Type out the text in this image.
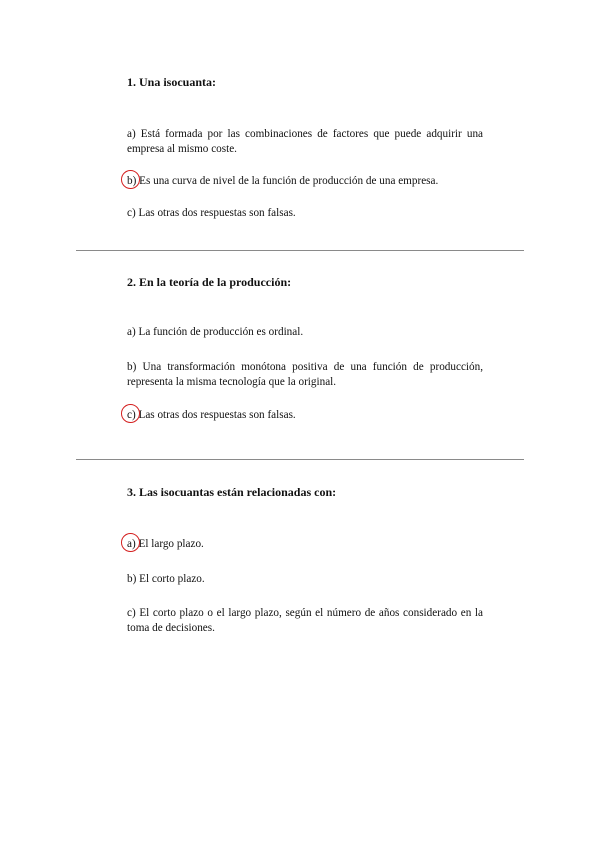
1. Una isocuanta:

a) Está formada por las combinaciones de factores que puede adquirir una empresa al mismo coste.

b) Es una curva de nivel de la función de producción de una empresa.

c) Las otras dos respuestas son falsas.

2. En la teoría de la producción:

a) La función de producción es ordinal.

b) Una transformación monótona positiva de una función de producción, representa la misma tecnología que la original.

c) Las otras dos respuestas son falsas.

3. Las isocuantas están relacionadas con:

a) El largo plazo.

b) El corto plazo.

c) El corto plazo o el largo plazo, según el número de años considerado en la toma de decisiones.
